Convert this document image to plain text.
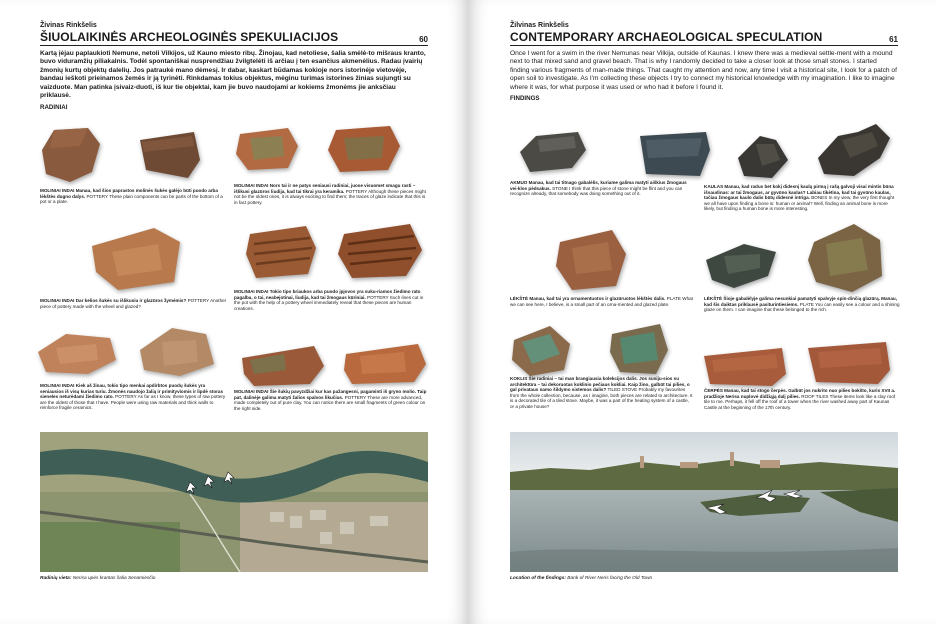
Živinas Rinkšelis
ŠIUOLAIKINĖS ARCHEOLOGINĖS SPEKULIACIJOS	60

Kartą įėjau paplaukioti Nemune, netoli Vilkijos, už Kauno miesto ribų. Žinojau, kad netoliese, šalia smėlė-to mišraus kranto, buvo viduramžių piliakalnis. Todėl spontaniškai nusprendžiau žvilgtelėti iš arčiau į ten esančius akmenėlius. Radau įvairių žmonių kurtų objektų dalelių. Jos patraukė mano dėmesį. Ir dabar, kaskart būdamas kokioje nors istorinėje vietovėje, bandau ieškoti prieinamos žemės ir ją tyrinėti. Rinkdamas tokius objektus, mėginu turimas istorines žinias sujungti su vaizduote. Man patinka įsivaiz-duoti, iš kur tie objektai, kam jie buvo naudojami ar kokiems žmonėms jie anksčiau priklausė.

RADINIAI
MOLINIAI INDAI Manau, kad šios paprastos molinės šukės galėjo būti puodo arba lėkštės dugno dalys. POTTERY These plain components can be parts of the bottom of a pot or a plate.
MOLINIAI INDAI Nors tai ir ne patys seniausi radiniai, juose visuomet smagu rasti – išlikusi glazūros liudija, kad tai tikrai yra keramika. POTTERY Although these pieces might not be the oldest ones, it is always exciting to find them; the traces of glaze indicate that this is in fact pottery.
MOLINIAI INDAI Dar kelios šukės su išlikusiu ir glazūros žymėmis? POTTERY Another piece of pottery made with the wheel and glazed?
MOLINIAI INDAI Tokio tipo briaukos arba puodo įpjovos yra suku-riamos žiedimo rato pagalba, o tai, neabejotinai, liudija, kad tai žmogaus kūriniai. POTTERY Such lines cut in the pot with the help of a pottery wheel immediately reveal that these pieces are human creations.
MOLINIAI INDAI Kiek aš žinau, tokio tipo menkai apdirbtos puodų šukės yra seniausios iš visų kurias turiu. Žmonės naudojo žalią ir primityviomis ir lipdė storas sieneles neturėdami žiedimo rato. POTTERY As far as I know, these types of raw pottery are the oldest of those that I have. People were using raw materials and thick walls to reinforce fragile ceramics.
MOLINIAI INDAI Šie šukių pavyzdžiai kur kas pažangesni, pagaminti iš gryno molio. Taip pat, dalinėje galima matyti žalios spalvos likučius. POTTERY These are more advanced, made completely out of pure clay. You can notice there are small fragments of green colour on the right side.
Radinių vieta: Nerisa upės krantas šalia Senamiesčio
Žilvinas Rinkšelis
CONTEMPORARY ARCHAEOLOGICAL SPECULATION	61

Once I went for a swim in the river Nemunas near Vilkija, outside of Kaunas. I knew there was a medieval settle-ment with a mound next to that mixed sand and gravel beach. That is why I randomly decided to take a closer look at those small stones. I started finding various fragments of man-made things. That caught my attention and now, any time I visit a historical site, I look for a patch of open soil to investigate. As I'm collecting these objects I try to connect my historical knowledge with my imagination. I like to imagine where it was, for what purpose it was used or who had it before I found it.

FINDINGS
AKMUO Manau, kad tai titnago gabalėlis, kuriame galima matyti aiškius žmogaus vei-klos pėdsakus. STONE I think that this piece of stone might be flint and you can recognize already, that somebody was doing something out of it.
KAULAS Manau, kad radus bet kokį didesnį kaulą pirmą į rašą galvoji visai mintis būna išsaudinas: ar tai žmogaus, ar gyvūno kaulas? Labiau tikėtina, kad tai gyvūno kaulas, tačiau žmogaus kaulo dalis būtų didesnė intriga. BONES In my view, the very first thought we all have upon finding a bone is: human or animal? Well, finding an animal bone is more likely, but finding a human bone is more interesting.
LĖKŠTĖ Manau, kad tai yra ornamentuotos ir glazūruotos lėkštės dalis. PLATE What we can see here, I believe, is a small part of an orna-mented and glazed plate.
LĖKŠTĖ Šioje gabalėlyje galima nesunkiai pamatyti spalvyje spin-dinčią glazūrą. Manau, kad šis daiktas priklausė pasiturintiesiems. PLATE You can easily see a colour and a shining glaze on them. I can imagine that these belonged to the rich.
KOKLIS Šie radiniai – tai man brangiausia kolekcijos dalis. Jos susiju-sios su architektūra – tai dekoruotas koklinio pečiaus kokliai. Kaip žino, galbūt tai pilies, o gal privataus namo šildymo sistemos dalis? TILED STOVE Probably my favourites from the whole collection, because, as I imagine, both pieces are related to architecture. It is a decorated tile of a tiled stove. Maybe, it was a part of the heating system of a castle, or a private house?
ČERPĖS Manau, kad tai stogo čerpės. Galbūt jos nukrito nuo pilies bokšto, kuris XVII a. pradžioje Nerisa nuplovė didžiąją dalį pilies. ROOF TILES These items look like a clay roof tile to me. Perhaps, it fell off the roof of a tower when the river washed away part of Kaunas Castle at the beginning of the 17th century.
Location of the findings: Bank of River Neris facing the Old Town
